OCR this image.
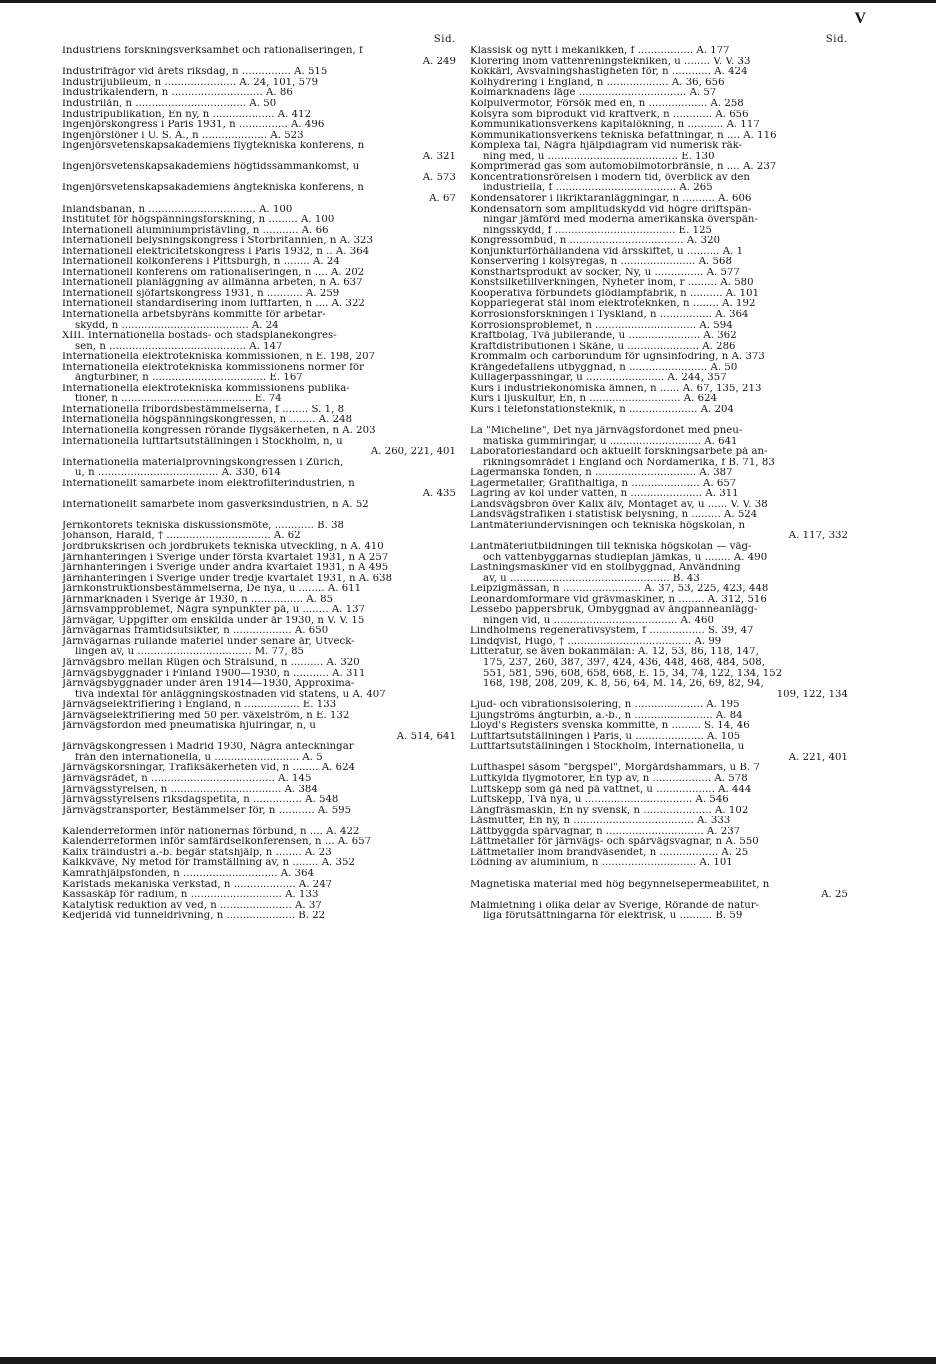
V
Sid.
Industriens forskningsverksamhet och rationaliseringen, f
A. 249
Industrifrågor vid årets riksdag, n ............... A. 515
Industrijubileum, n ...................... A. 24, 101, 579
Industrikalendern, n ............................ A. 86
Industrilån, n .................................. A. 50
Industripublikation, En ny, n ................... A. 412
Ingenjörskongress i Paris 1931, n ............... A. 496
Ingenjörslöner i U. S. A., n .................... A. 523
Ingenjörsvetenskapsakademiens flygtekniska konferens, n
A. 321
Ingenjörsvetenskapsakademiens högtidssammankomst, u
A. 573
Ingenjörsvetenskapsakademiens ångtekniska konferens, n
A. 67
Inlandsbanan, n ................................. A. 100
Institutet för högspänningsforskning, n ......... A. 100
Internationell aluminiumpristävling, n ........... A. 66
Internationell belysningskongress i Storbritannien, n A. 323
Internationell elektricitetskongress i Paris 1932, n .. A. 364
Internationell kolkonferens i Pittsburgh, n ........ A. 24
Internationell konferens om rationaliseringen, n .... A. 202
Internationell planläggning av allmänna arbeten, n A. 637
Internationell sjöfartskongress 1931, n ........... A. 259
Internationell standardisering inom luftfarten, n .... A. 322
Internationella arbetsbyråns kommitté för arbetar-
skydd, n ....................................... A. 24
XIII. Internationella bostads- och stadsplanekongres-
sen, n .......................................... A. 147
Internationella elektrotekniska kommissionen, n E. 198, 207
Internationella elektrotekniska kommissionens normer för
ångturbiner, n ................................... E. 167
Internationella elektrotekniska kommissionens publika-
tioner, n ........................................ E. 74
Internationella fribordsbestämmelserna, f ........ S. 1, 8
Internationella högspänningskongressen, n ........ A. 248
Internationella kongressen rörande flygsäkerheten, n A. 203
Internationella luftfartsutställningen i Stockholm, n, u
A. 260, 221, 401
Internationella materialprovningskongressen i Zürich,
u, n ..................................... A. 330, 614
Internationellt samarbete inom elektrofilterindustrien, n
A. 435
Internationellt samarbete inom gasverksindustrien, n A. 52
Jernkontorets tekniska diskussionsmöte, ............ B. 38
Johanson, Harald, † ................................ A. 62
Jordbrukskrisen och jordbrukets tekniska utveckling, n A. 410
Järnhanteringen i Sverige under första kvartalet 1931, n A 257
Järnhanteringen i Sverige under andra kvartalet 1931, n A 495
Järnhanteringen i Sverige under tredje kvartalet 1931, n A. 638
Järnkonstruktionsbestämmelserna, De nya, u ........ A. 611
Järnmarknaden i Sverige år 1930, n ................ A. 85
Järnsvampproblemet, Några synpunkter på, u ........ A. 137
Järnvägar, Uppgifter om enskilda under år 1930, n V. V. 15
Järnvägarnas framtidsutsikter, n .................. A. 650
Järnvägarnas rullande materiel under senare år, Utveck-
lingen av, u ................................... M. 77, 85
Järnvägsbro mellan Rügen och Stralsund, n .......... A. 320
Järnvägsbyggnader i Finland 1900—1930, n ........... A. 311
Järnvägsbyggnader under åren 1914—1930, Approxima-
tiva indextal för anläggningskostnaden vid statens, u A. 407
Järnvägselektrifiering i England, n ................. E. 133
Järnvägselektrifiering med 50 per. växelström, n E. 132
Järnvägsfordon med pneumatiska hjulringar, n, u
A. 514, 641
Järnvägskongressen i Madrid 1930, Några anteckningar
från den internationella, u .......................... A. 5
Järnvägskorsningar, Trafiksäkerheten vid, n ........ A. 624
Järnvägsrådet, n ...................................... A. 145
Järnvägsstyrelsen, n .................................. A. 384
Järnvägsstyrelsens riksdagspetita, n ............... A. 548
Järnvägstransporter, Bestämmelser för, n ........... A. 595
Kalenderreformen inför nationernas förbund, n .... A. 422
Kalenderreformen inför samfärdselkonferensen, n ... A. 657
Kalix träindustri a.-b. begär statshjälp, n ........ A. 23
Kalkkväve, Ny metod för framställning av, n ........ A. 352
Kamrathjälpsfonden, n ............................. A. 364
Karlstads mekaniska verkstad, n ................... A. 247
Kassaskåp för radium, n ............................ A. 133
Katalytisk reduktion av ved, n ...................... A. 37
Kedjeridå vid tunneldrivning, n ..................... B. 22
Sid.
Klassisk og nytt i mekanikken, f ................. A. 177
Klorering inom vattenreningstekniken, u ........ V. V. 33
Kokkärl, Avsvalningshastigheten för, n ............ A. 424
Kolhydrering i England, n ................... A. 36, 656
Kolmarknadens läge ................................. A. 57
Kolpulvermotor, Försök med en, n .................. A. 258
Kolsyra som biprodukt vid kraftverk, n ............ A. 656
Kommunikationsverkens kapitalökning, n ........... A. 117
Kommunikationsverkens tekniska befattningar, n .... A. 116
Komplexa tal, Några hjälpdiagram vid numerisk räk-
ning med, u ........................................ E. 130
Komprimerad gas som automobilmotorbränsle, n .... A. 237
Koncentrationsrörelsen i modern tid, överblick av den
industriella, f ..................................... A. 265
Kondensatorer i likriktaranläggningar, n .......... A. 606
Kondensatorn som amplitudskydd vid högre driftspän-
ningar jämförd med moderna amerikanska överspän-
ningsskydd, f ..................................... E. 125
Kongressombud, n ................................... A. 320
Konjunkturförhållandena vid årsskiftet, u .......... A. 1
Konservering i kolsyregas, n ....................... A. 568
Konsthartsprodukt av socker, Ny, u ............... A. 577
Konstsilketillverkningen, Nyheter inom, r ......... A. 580
Kooperativa förbundets glödlampfabrik, n .......... A. 101
Kopparlegerat stål inom elektroteknken, n ........ A. 192
Korrosionsforskningen i Tyskland, n ................ A. 364
Korrosionsproblemet, n ............................... A. 594
Kraftbolag, Två jubilerande, u ...................... A. 362
Kraftdistributionen i Skåne, u ...................... A. 286
Krommalm och carborundum för ugnsinfodring, n A. 373
Krångedefallens utbyggnad, n ........................ A. 50
Kullagerpassningar, u ........................ A. 244, 357
Kurs i industriekonomiska ämnen, n ...... A. 67, 135, 213
Kurs i ljuskultur, En, n ............................ A. 624
Kurs i telefonstationsteknik, n ..................... A. 204
La "Micheline", Det nya järnvägsfordonet med pneu-
matiska gummiringar, u ............................ A. 641
Laboratoriestandard och aktuellt forskningsarbete på an-
rikningsområdet i England och Nordamerika, f B. 71, 83
Lagermanska fonden, n ............................... A. 387
Lagermetaller, Grafithaltiga, n ..................... A. 657
Lagring av kol under vatten, n ...................... A. 311
Landsvägsbron över Kalix älv, Montaget av, u ...... V. V. 38
Landsvägstrafiken i statistisk belysning, n ......... A. 524
Lantmäteriundervisningen och tekniska högskolan, n
A. 117, 332
Lantmäteriutbildningen till tekniska högskolan — väg-
och vattenbyggarnas studieplan jämkas, u ........ A. 490
Lastningsmaskiner vid en stollbyggnad, Användning
av, u ................................................. B. 43
Leipzigmässan, n ........................ A. 37, 53, 225, 423, 448
Leonardomformare vid grävmaskiner, n ........ A. 312, 516
Lessebo pappersbruk, Ombyggnad av ångpanneanlägg-
ningen vid, u ...................................... A. 460
Lindholmens regenerativsystem, f ................. S. 39, 47
Lindqvist, Hugo, † ...................................... A. 99
Litteratur, se även bokanmälan: A. 12, 53, 86, 118, 147,
175, 237, 260, 387, 397, 424, 436, 448, 468, 484, 508,
551, 581, 596, 608, 658, 668, E. 15, 34, 74, 122, 134, 152
168, 198, 208, 209, K. 8, 56, 64, M. 14, 26, 69, 82, 94,
109, 122, 134
Ljud- och vibrationsisolering, n ..................... A. 195
Ljungströms ångturbin, a.-b., n ........................ A. 84
Lloyd's Registers svenska kommitté, n ......... S. 14, 46
Luftfartsutställningen i Paris, u ..................... A. 105
Luftfartsutställningen i Stockholm, Internationella, u
A. 221, 401
Lufthaspel såsom "bergspel", Morgårdshammars, u B. 7
Luftkylda flygmotorer, En typ av, n .................. A. 578
Luftskepp som gå ned på vattnet, u .................. A. 444
Luftskepp, Två nya, u ................................. A. 546
Långfräsmaskin, En ny svensk, n ..................... A. 102
Låsmutter, En ny, n ..................................... A. 333
Lättbyggda spårvagnar, n .............................. A. 237
Lättmetaller för järnvägs- och spårvägsvagnar, n A. 550
Lättmetaller inom brandväsendet, n .................. A. 25
Lödning av aluminium, n ............................. A. 101
Magnetiska material med hög begynnelsepermeabilitet, n
A. 25
Malmletning i olika delar av Sverige, Rörande de natur-
liga förutsättningarna för elektrisk, u .......... B. 59
